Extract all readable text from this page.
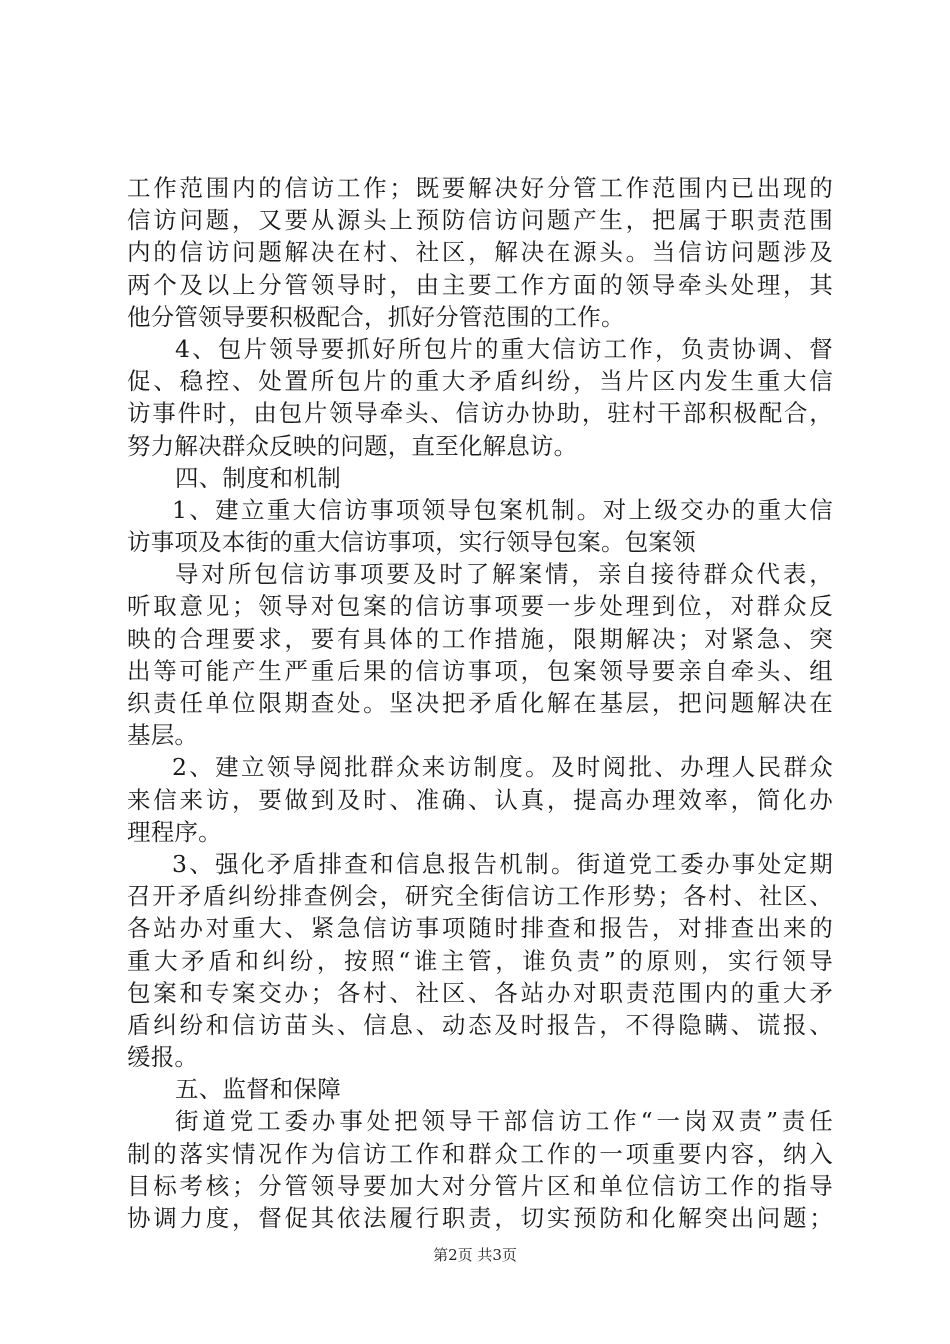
工作范围内的信访工作；既要解决好分管工作范围内已出现的
信访问题，又要从源头上预防信访问题产生，把属于职责范围
内的信访问题解决在村、社区，解决在源头。当信访问题涉及
两个及以上分管领导时，由主要工作方面的领导牵头处理，其
他分管领导要积极配合，抓好分管范围的工作。
4、包片领导要抓好所包片的重大信访工作，负责协调、督
促、稳控、处置所包片的重大矛盾纠纷，当片区内发生重大信
访事件时，由包片领导牵头、信访办协助，驻村干部积极配合，
努力解决群众反映的问题，直至化解息访。
四、制度和机制
1、建立重大信访事项领导包案机制。对上级交办的重大信
访事项及本街的重大信访事项，实行领导包案。包案领
导对所包信访事项要及时了解案情，亲自接待群众代表，
听取意见；领导对包案的信访事项要一步处理到位，对群众反
映的合理要求，要有具体的工作措施，限期解决；对紧急、突
出等可能产生严重后果的信访事项，包案领导要亲自牵头、组
织责任单位限期查处。坚决把矛盾化解在基层，把问题解决在
基层。
2、建立领导阅批群众来访制度。及时阅批、办理人民群众
来信来访，要做到及时、准确、认真，提高办理效率，简化办
理程序。
3、强化矛盾排查和信息报告机制。街道党工委办事处定期
召开矛盾纠纷排查例会，研究全街信访工作形势；各村、社区、
各站办对重大、紧急信访事项随时排查和报告，对排查出来的
重大矛盾和纠纷，按照“谁主管，谁负责”的原则，实行领导
包案和专案交办；各村、社区、各站办对职责范围内的重大矛
盾纠纷和信访苗头、信息、动态及时报告，不得隐瞒、谎报、
缓报。
五、监督和保障
街道党工委办事处把领导干部信访工作“一岗双责”责任
制的落实情况作为信访工作和群众工作的一项重要内容，纳入
目标考核；分管领导要加大对分管片区和单位信访工作的指导
协调力度，督促其依法履行职责，切实预防和化解突出问题；
第2页 共3页
